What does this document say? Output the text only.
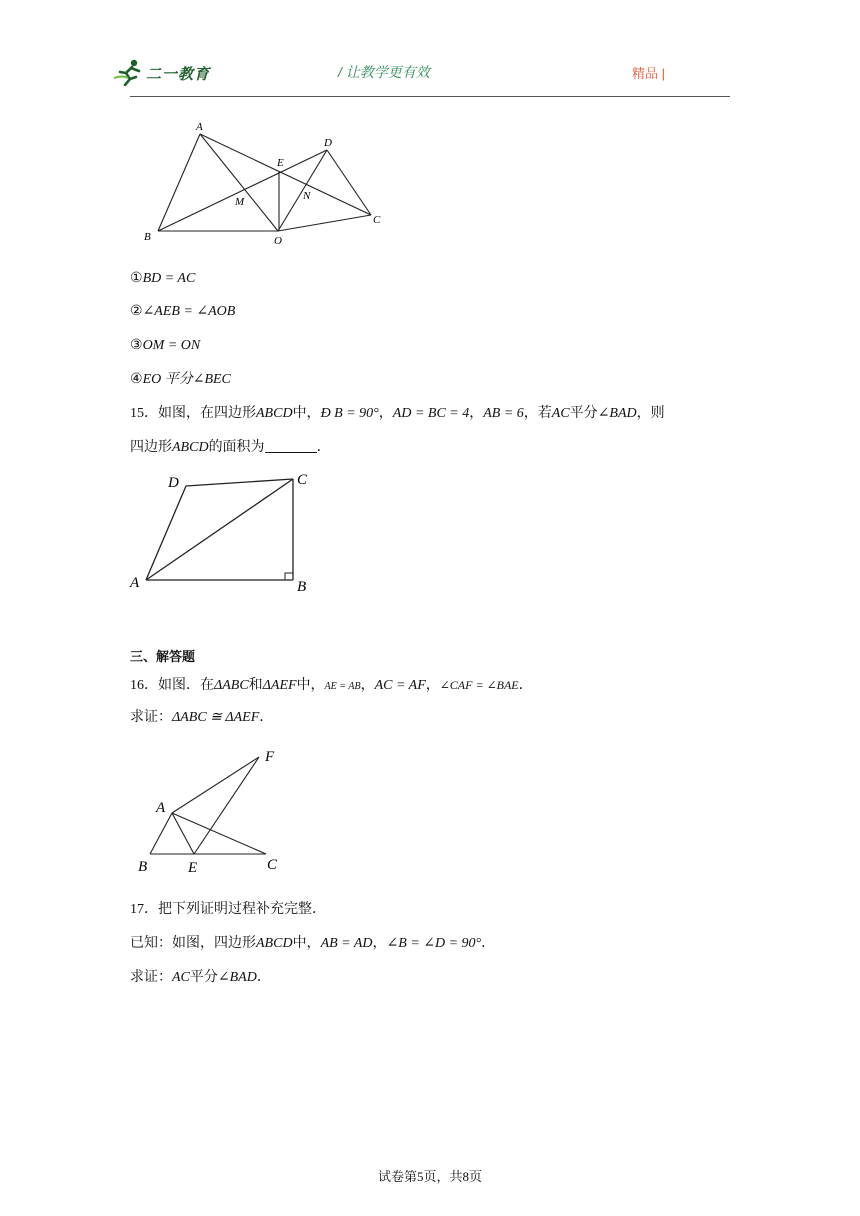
二一教育	/ 让教学更有效	精品 |
A
D
E
M	N
B	O
C
①BD = AC
②∠AEB = ∠AOB
③OM = ON
④EO 平分∠BEC
15．如图，在四边形ABCD中，Ð B = 90°，AD = BC = 4，AB = 6，若AC平分∠BAD，则
四边形ABCD的面积为	．
D	C
A	B
三、解答题
16．如图．在ΔABC和ΔAEF中，AE = AB，AC = AF，∠CAF = ∠BAE．
求证：ΔABC ≅ ΔAEF．
F
A
B	E	C
17．把下列证明过程补充完整．
已知：如图，四边形ABCD中，AB = AD，∠B = ∠D = 90°．
求证：AC平分∠BAD．
试卷第5页，共8页
